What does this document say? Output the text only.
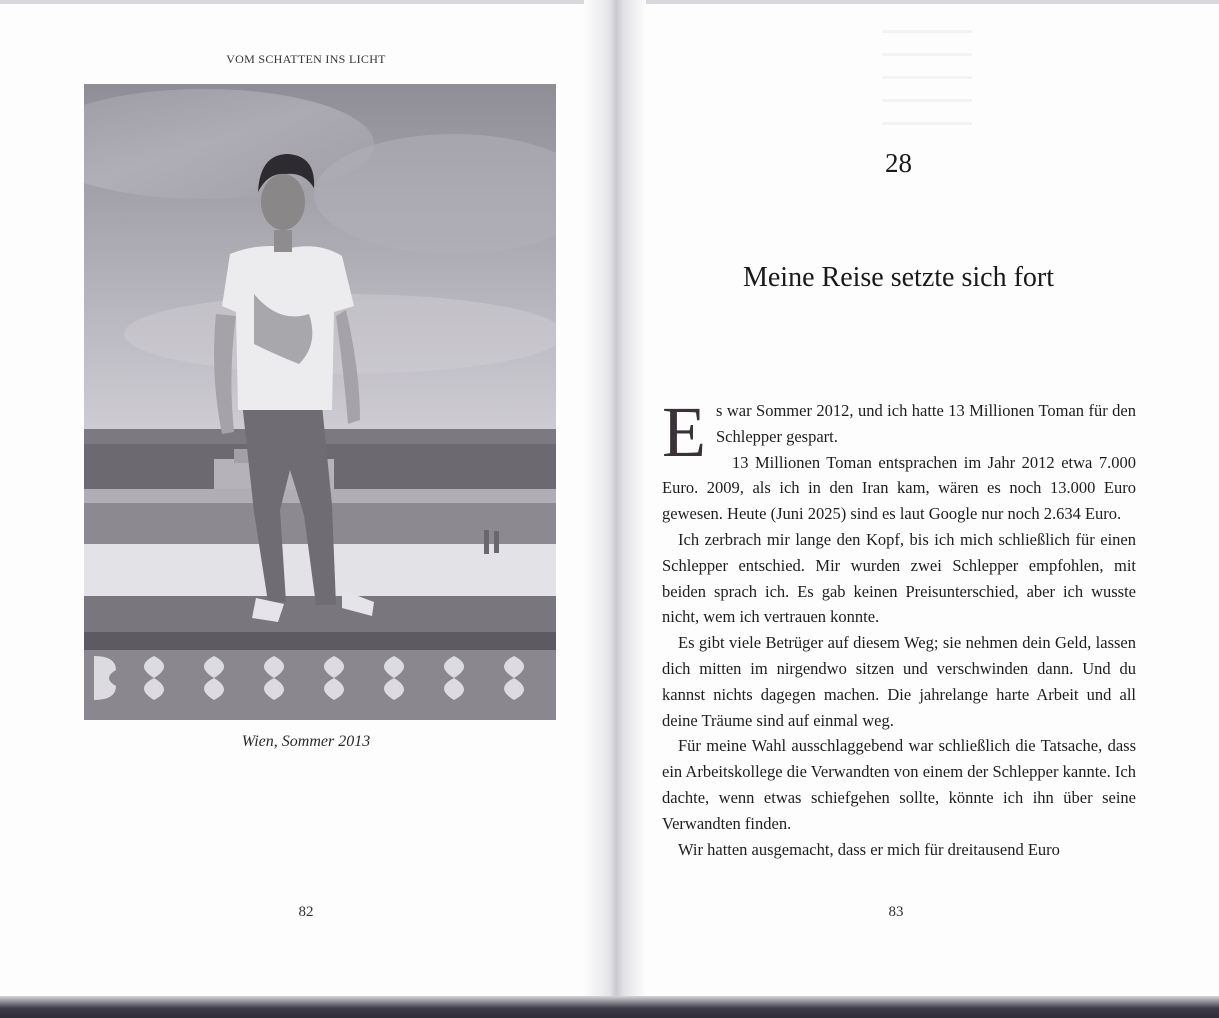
VOM SCHATTEN INS LICHT
Wien, Sommer 2013
82
28
Meine Reise setzte sich fort

Es war Sommer 2012, und ich hatte 13 Millionen Toman für den Schlepper gespart.

13 Millionen Toman entsprachen im Jahr 2012 etwa 7.000 Euro. 2009, als ich in den Iran kam, wären es noch 13.000 Euro gewesen. Heute (Juni 2025) sind es laut Google nur noch 2.634 Euro.

Ich zerbrach mir lange den Kopf, bis ich mich schließlich für einen Schlepper entschied. Mir wurden zwei Schlepper empfohlen, mit beiden sprach ich. Es gab keinen Preisunterschied, aber ich wusste nicht, wem ich vertrauen konnte.

Es gibt viele Betrüger auf diesem Weg; sie nehmen dein Geld, lassen dich mitten im nirgendwo sitzen und verschwinden dann. Und du kannst nichts dagegen machen. Die jahrelange harte Arbeit und all deine Träume sind auf einmal weg.

Für meine Wahl ausschlaggebend war schließlich die Tatsache, dass ein Arbeitskollege die Verwandten von einem der Schlepper kannte. Ich dachte, wenn etwas schiefgehen sollte, könnte ich ihn über seine Verwandten finden.

Wir hatten ausgemacht, dass er mich für dreitausend Euro

83
